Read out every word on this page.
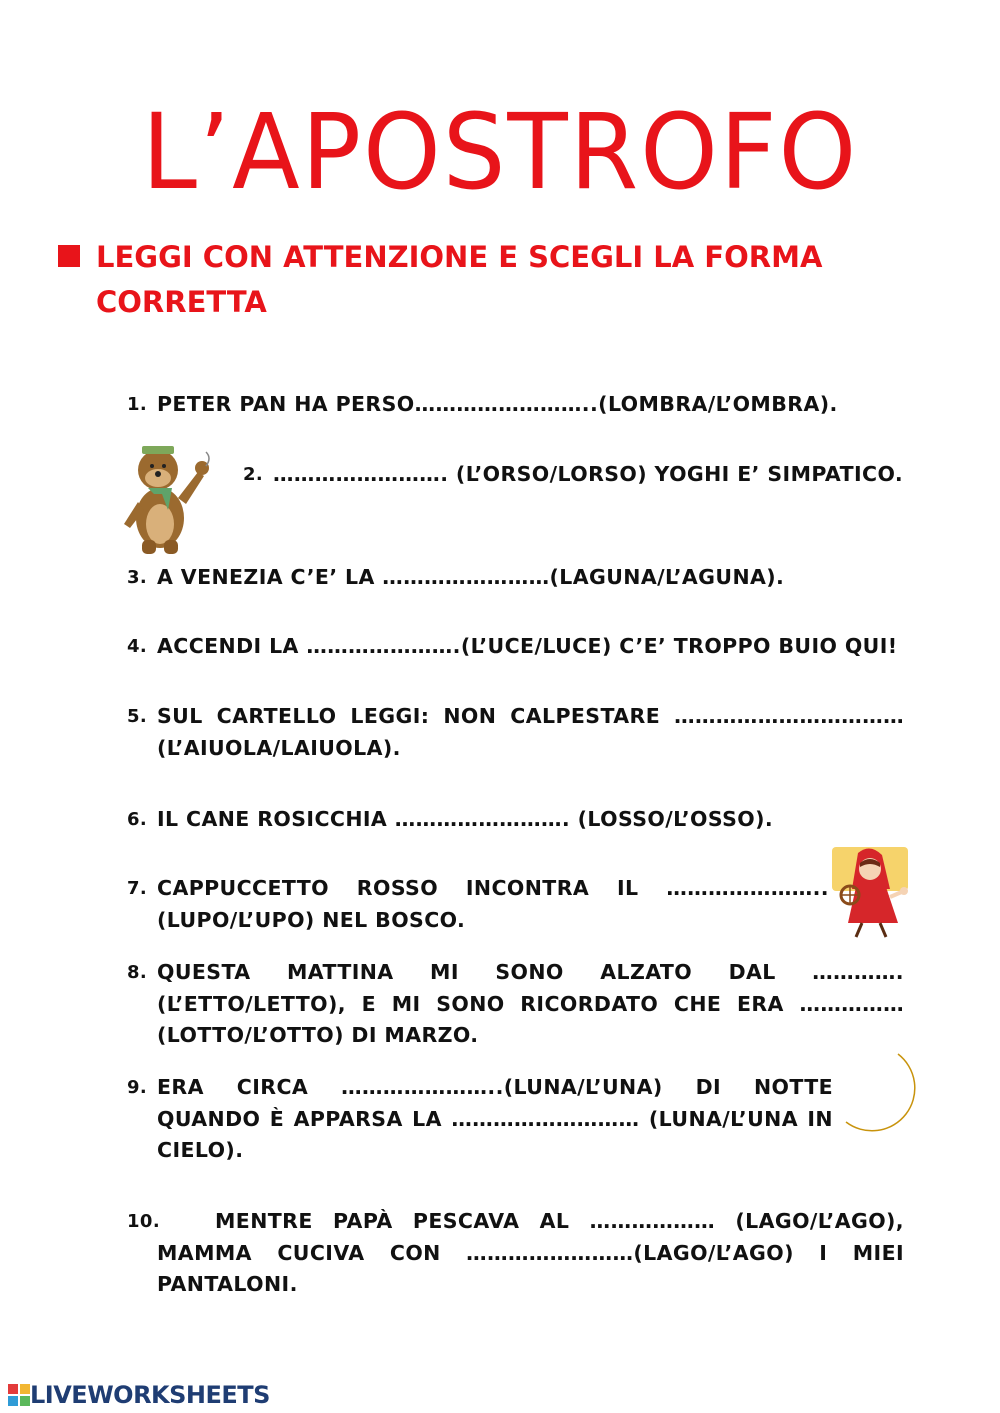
L’APOSTROFO
LEGGI CON ATTENZIONE E SCEGLI LA FORMA CORRETTA
1. PETER PAN HA PERSO……………………..(LOMBRA/L’OMBRA).
2. ……………………. (L’ORSO/LORSO) YOGHI E’ SIMPATICO.
3. A VENEZIA C’E’ LA ……………………(LAGUNA/L’AGUNA).
4. ACCENDI LA ………………….(L’UCE/LUCE) C’E’ TROPPO BUIO QUI!
5. SUL CARTELLO LEGGI: NON CALPESTARE …………………………… (L’AIUOLA/LAIUOLA).
6. IL CANE ROSICCHIA ……………………. (LOSSO/L’OSSO).
7. CAPPUCCETTO ROSSO INCONTRA IL ………………….. (LUPO/L’UPO) NEL BOSCO.
8. QUESTA MATTINA MI SONO ALZATO DAL ………….(L’ETTO/LETTO), E MI SONO RICORDATO CHE ERA …………… (LOTTO/L’OTTO) DI MARZO.
9. ERA CIRCA …………………..(LUNA/L’UNA) DI NOTTE QUANDO È APPARSA LA ……………………… (LUNA/L’UNA IN CIELO).
10.	MENTRE PAPÀ PESCAVA AL ……………… (LAGO/L’AGO), MAMMA CUCIVA CON ……………………(LAGO/L’AGO) I MIEI PANTALONI.
LIVEWORKSHEETS
